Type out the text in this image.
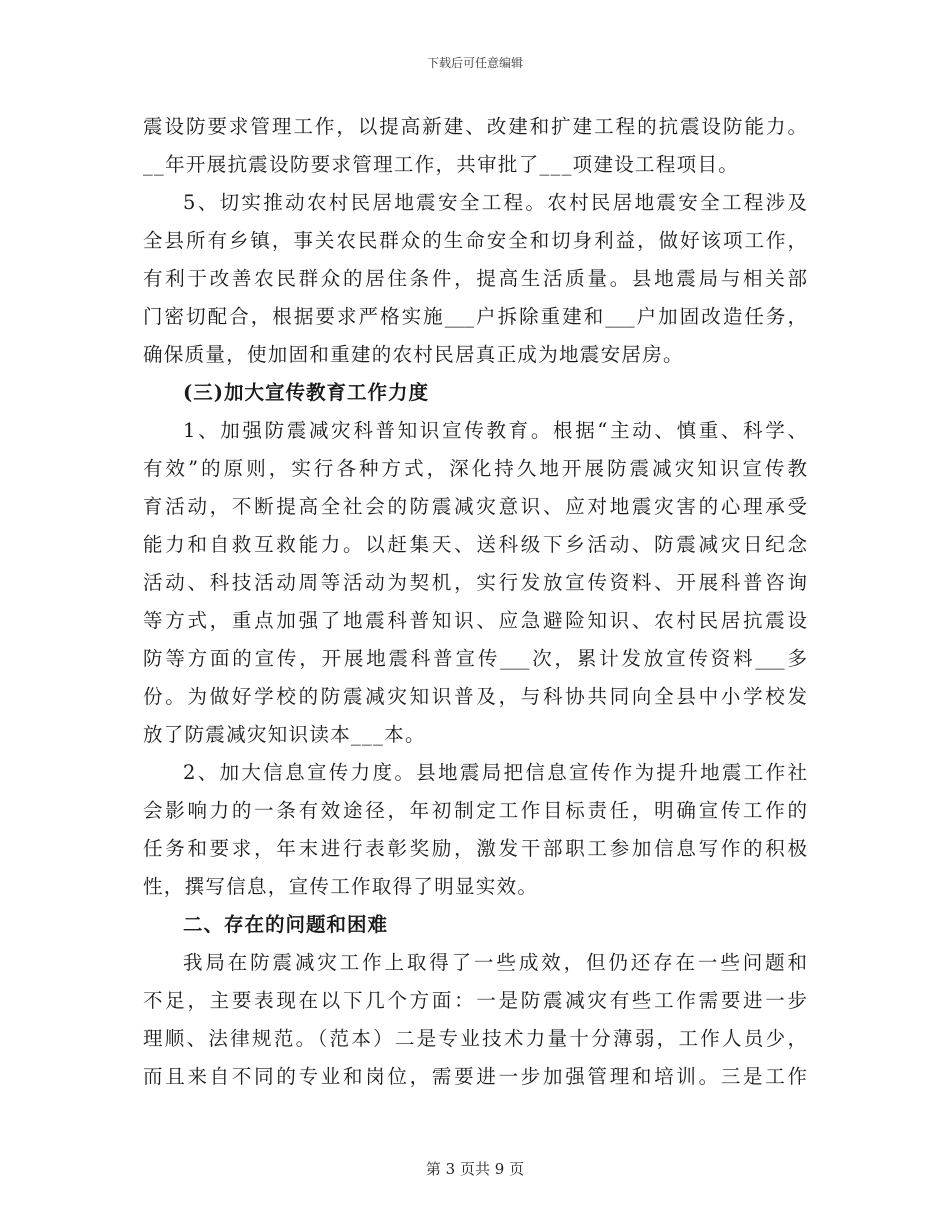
下载后可任意编辑
震设防要求管理工作，以提高新建、改建和扩建工程的抗震设防能力。
__年开展抗震设防要求管理工作，共审批了___项建设工程项目。
5、切实推动农村民居地震安全工程。农村民居地震安全工程涉及
全县所有乡镇，事关农民群众的生命安全和切身利益，做好该项工作，
有利于改善农民群众的居住条件，提高生活质量。县地震局与相关部
门密切配合，根据要求严格实施___户拆除重建和___户加固改造任务，
确保质量，使加固和重建的农村民居真正成为地震安居房。
(三)加大宣传教育工作力度
1、加强防震减灾科普知识宣传教育。根据“主动、慎重、科学、
有效”的原则，实行各种方式，深化持久地开展防震减灾知识宣传教
育活动，不断提高全社会的防震减灾意识、应对地震灾害的心理承受
能力和自救互救能力。以赶集天、送科级下乡活动、防震减灾日纪念
活动、科技活动周等活动为契机，实行发放宣传资料、开展科普咨询
等方式，重点加强了地震科普知识、应急避险知识、农村民居抗震设
防等方面的宣传，开展地震科普宣传___次，累计发放宣传资料___多
份。为做好学校的防震减灾知识普及，与科协共同向全县中小学校发
放了防震减灾知识读本___本。
2、加大信息宣传力度。县地震局把信息宣传作为提升地震工作社
会影响力的一条有效途径，年初制定工作目标责任，明确宣传工作的
任务和要求，年末进行表彰奖励，激发干部职工参加信息写作的积极
性，撰写信息，宣传工作取得了明显实效。
二、存在的问题和困难
我局在防震减灾工作上取得了一些成效，但仍还存在一些问题和
不足，主要表现在以下几个方面：一是防震减灾有些工作需要进一步
理顺、法律规范。（范本）二是专业技术力量十分薄弱，工作人员少，
而且来自不同的专业和岗位，需要进一步加强管理和培训。三是工作
第 3 页共 9 页
